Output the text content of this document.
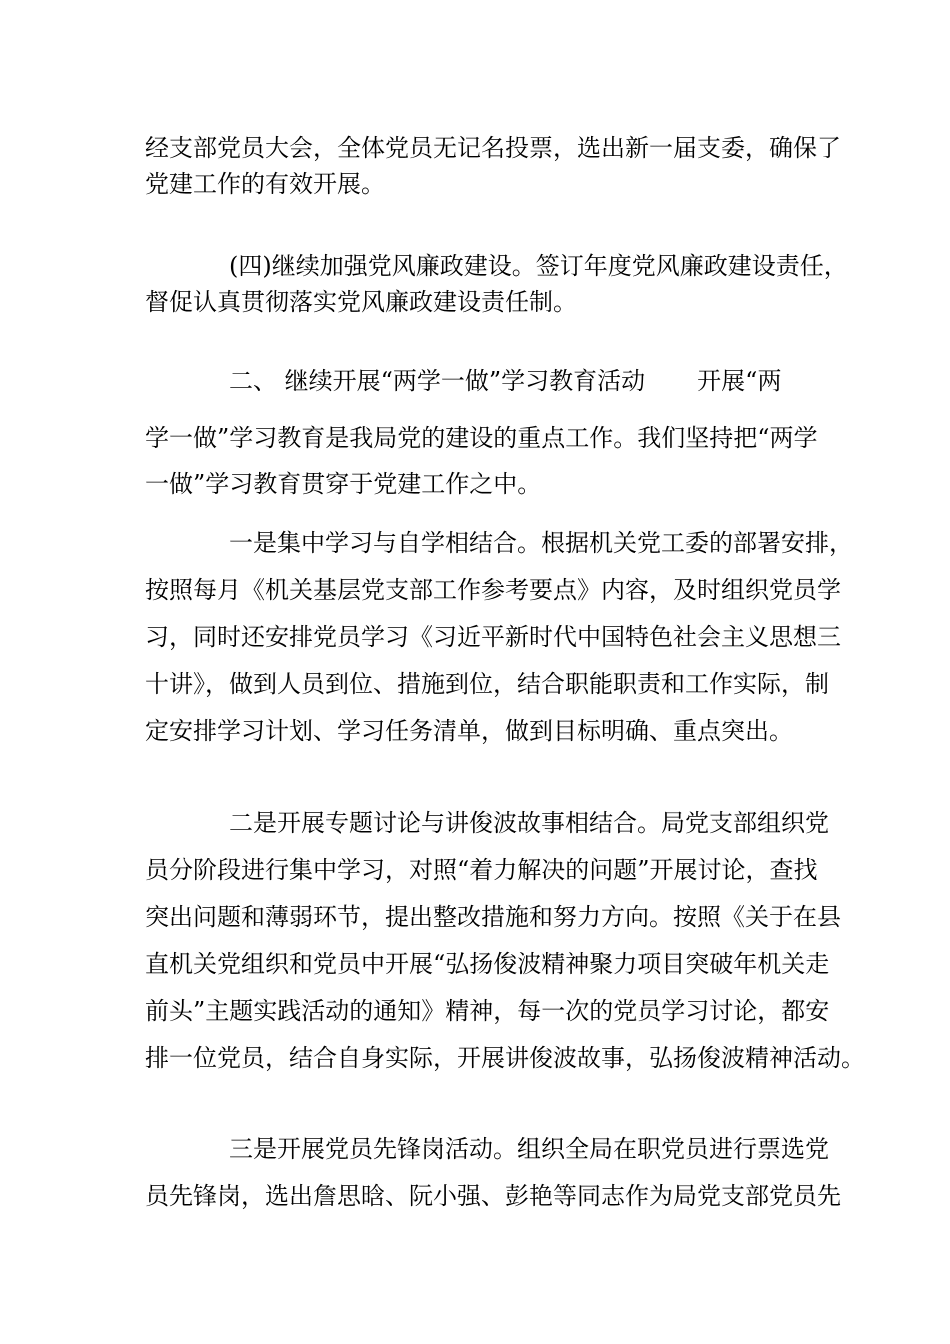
经支部党员大会，全体党员无记名投票，选出新一届支委，确保了
党建工作的有效开展。
(四)继续加强党风廉政建设。签订年度党风廉政建设责任，
督促认真贯彻落实党风廉政建设责任制。
二、 继续开展“两学一做”学习教育活动 开展“两
学一做”学习教育是我局党的建设的重点工作。我们坚持把“两学
一做”学习教育贯穿于党建工作之中。
一是集中学习与自学相结合。根据机关党工委的部署安排，
按照每月《机关基层党支部工作参考要点》内容，及时组织党员学
习，同时还安排党员学习《习近平新时代中国特色社会主义思想三
十讲》，做到人员到位、措施到位，结合职能职责和工作实际，制
定安排学习计划、学习任务清单，做到目标明确、重点突出。
二是开展专题讨论与讲俊波故事相结合。局党支部组织党
员分阶段进行集中学习，对照“着力解决的问题”开展讨论，查找
突出问题和薄弱环节，提出整改措施和努力方向。按照《关于在县
直机关党组织和党员中开展“弘扬俊波精神聚力项目突破年机关走
前头”主题实践活动的通知》精神，每一次的党员学习讨论，都安
排一位党员，结合自身实际，开展讲俊波故事，弘扬俊波精神活动。
三是开展党员先锋岗活动。组织全局在职党员进行票选党
员先锋岗，选出詹思晗、阮小强、彭艳等同志作为局党支部党员先
